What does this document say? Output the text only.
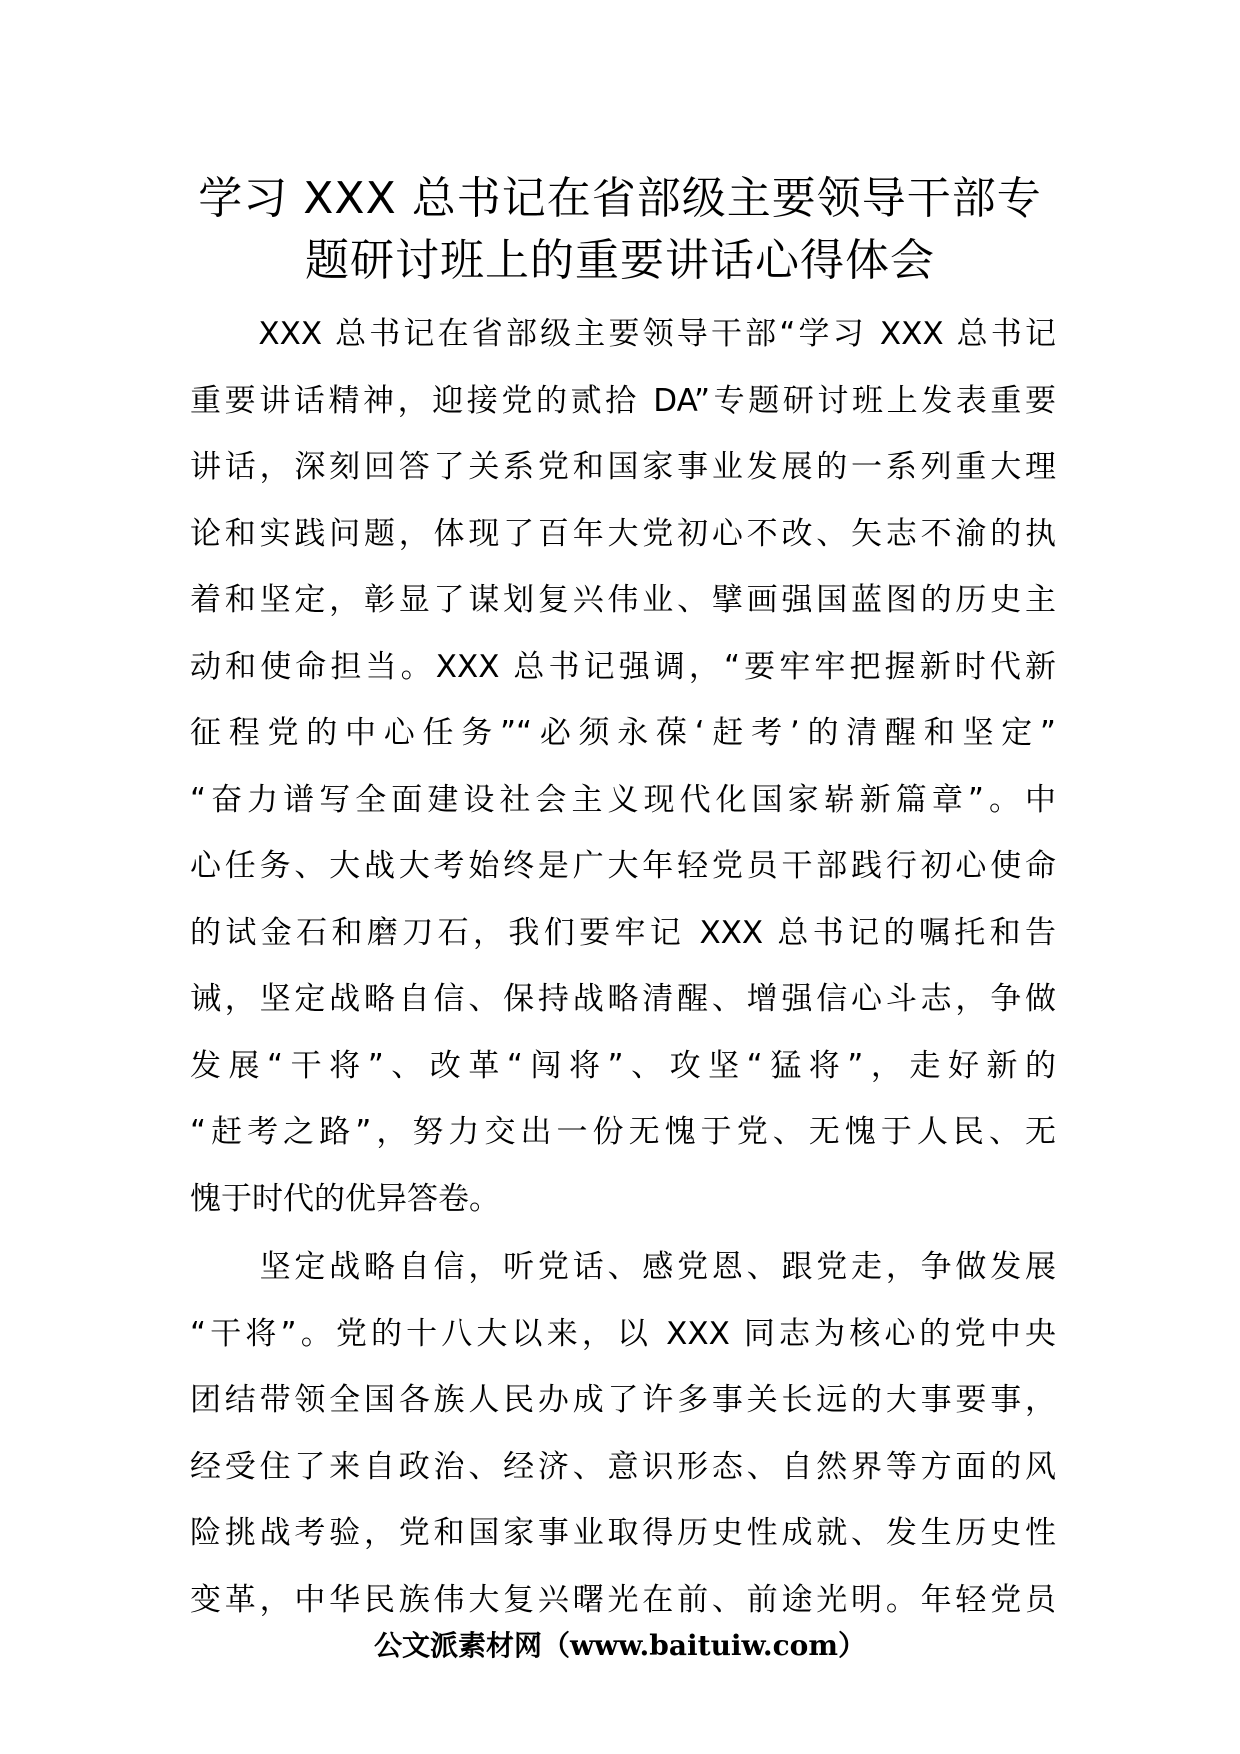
学习 XXX 总书记在省部级主要领导干部专
题研讨班上的重要讲话心得体会
　　XXX 总书记在省部级主要领导干部“学习 XXX 总书记
重要讲话精神，迎接党的贰拾 DA”专题研讨班上发表重要
讲话，深刻回答了关系党和国家事业发展的一系列重大理
论和实践问题，体现了百年大党初心不改、矢志不渝的执
着和坚定，彰显了谋划复兴伟业、擘画强国蓝图的历史主
动和使命担当。XXX 总书记强调，“要牢牢把握新时代新
征程党的中心任务”“必须永葆‘赶考’的清醒和坚定”
“奋力谱写全面建设社会主义现代化国家崭新篇章”。中
心任务、大战大考始终是广大年轻党员干部践行初心使命
的试金石和磨刀石，我们要牢记 XXX 总书记的嘱托和告
诫，坚定战略自信、保持战略清醒、增强信心斗志，争做
发展“干将”、改革“闯将”、攻坚“猛将”，走好新的
“赶考之路”，努力交出一份无愧于党、无愧于人民、无
愧于时代的优异答卷。
　　坚定战略自信，听党话、感党恩、跟党走，争做发展
“干将”。党的十八大以来，以 XXX 同志为核心的党中央
团结带领全国各族人民办成了许多事关长远的大事要事，
经受住了来自政治、经济、意识形态、自然界等方面的风
险挑战考验，党和国家事业取得历史性成就、发生历史性
变革，中华民族伟大复兴曙光在前、前途光明。年轻党员
公文派素材网（www.baituiw.com）
